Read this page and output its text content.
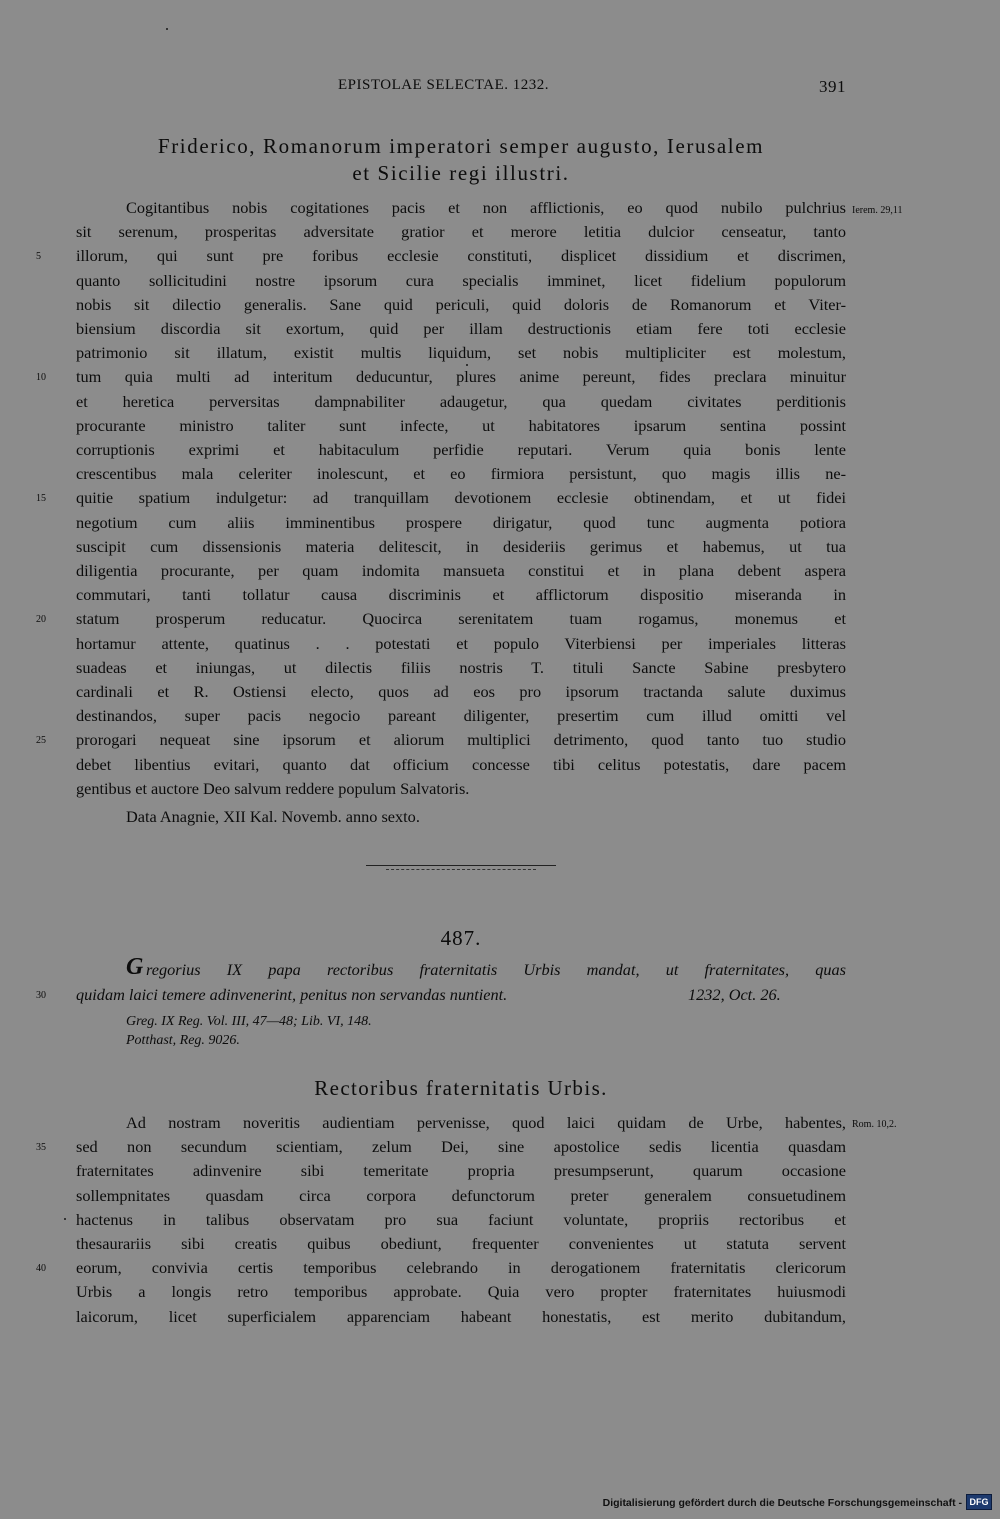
EPISTOLAE SELECTAE. 1232.	391
Friderico, Romanorum imperatori semper augusto, Ierusalem
et Sicilie regi illustri.
Cogitantibus nobis cogitationes pacis et non afflictionis, eo quod nubilo pulchrius
sit serenum, prosperitas adversitate gratior et merore letitia dulcior censeatur, tanto
illorum, qui sunt pre foribus ecclesie constituti, displicet dissidium et discrimen,
quanto sollicitudini nostre ipsorum cura specialis imminet, licet fidelium populorum
nobis sit dilectio generalis. Sane quid periculi, quid doloris de Romanorum et Viter-
biensium discordia sit exortum, quid per illam destructionis etiam fere toti ecclesie
patrimonio sit illatum, existit multis liquidum, set nobis multipliciter est molestum,
tum quia multi ad interitum deducuntur, plures anime pereunt, fides preclara minuitur
et heretica perversitas dampnabiliter adaugetur, qua quedam civitates perditionis
procurante ministro taliter sunt infecte, ut habitatores ipsarum sentina possint
corruptionis exprimi et habitaculum perfidie reputari. Verum quia bonis lente
crescentibus mala celeriter inolescunt, et eo firmiora persistunt, quo magis illis ne-
quitie spatium indulgetur: ad tranquillam devotionem ecclesie obtinendam, et ut fidei
negotium cum aliis imminentibus prospere dirigatur, quod tunc augmenta potiora
suscipit cum dissensionis materia delitescit, in desideriis gerimus et habemus, ut tua
diligentia procurante, per quam indomita mansueta constitui et in plana debent aspera
commutari, tanti tollatur causa discriminis et afflictorum dispositio miseranda in
statum prosperum reducatur. Quocirca serenitatem tuam rogamus, monemus et
hortamur attente, quatinus . . potestati et populo Viterbiensi per imperiales litteras
suadeas et iniungas, ut dilectis filiis nostris T. tituli Sancte Sabine presbytero
cardinali et R. Ostiensi electo, quos ad eos pro ipsorum tractanda salute duximus
destinandos, super pacis negocio pareant diligenter, presertim cum illud omitti vel
prorogari nequeat sine ipsorum et aliorum multiplici detrimento, quod tanto tuo studio
debet libentius evitari, quanto dat officium concesse tibi celitus potestatis, dare pacem
gentibus et auctore Deo salvum reddere populum Salvatoris.
5
10
15
20
25
Ierem. 29,11
Data Anagnie, XII Kal. Novemb. anno sexto.
487.
G regorius IX papa rectoribus fraternitatis Urbis mandat, ut fraternitates, quas
quidam laici temere adinvenerint, penitus non servandas nuntient.	1232, Oct. 26.
30
Greg. IX Reg. Vol. III, 47—48; Lib. VI, 148.
Potthast, Reg. 9026.
Rectoribus fraternitatis Urbis.
Ad nostram noveritis audientiam pervenisse, quod laici quidam de Urbe, habentes,
sed non secundum scientiam, zelum Dei, sine apostolice sedis licentia quasdam
fraternitates adinvenire sibi temeritate propria presumpserunt, quarum occasione
sollempnitates quasdam circa corpora defunctorum preter generalem consuetudinem
hactenus in talibus observatam pro sua faciunt voluntate, propriis rectoribus et
thesaurariis sibi creatis quibus obediunt, frequenter convenientes ut statuta servent
eorum, convivia certis temporibus celebrando in derogationem fraternitatis clericorum
Urbis a longis retro temporibus approbate. Quia vero propter fraternitates huiusmodi
laicorum, licet superficialem apparenciam habeant honestatis, est merito dubitandum,
35
40
Rom. 10,2.
Digitalisierung gefördert durch die Deutsche Forschungsgemeinschaft - DFG
